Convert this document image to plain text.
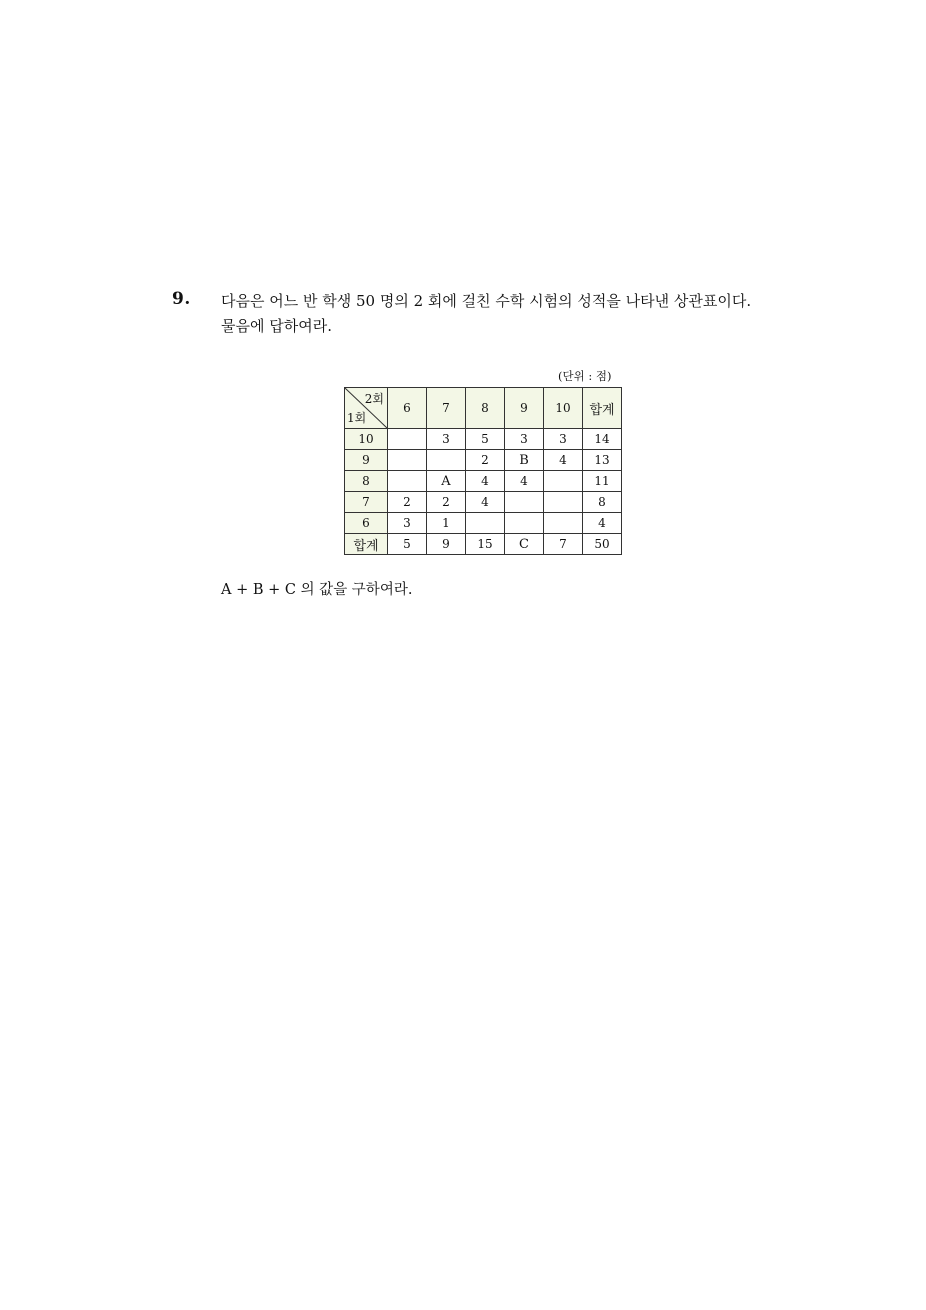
9. 다음은 어느 반 학생 50 명의 2 회에 걸친 수학 시험의 성적을 나타낸 상관표이다.
물음에 답하여라.
(단위 : 점)
2회
1회	6	7	8	9	10	합계
10		3	5	3	3	14
9			2	B	4	13
8		A	4	4		11
7	2	2	4			8
6	3	1				4
합계	5	9	15	C	7	50
A + B + C 의 값을 구하여라.
